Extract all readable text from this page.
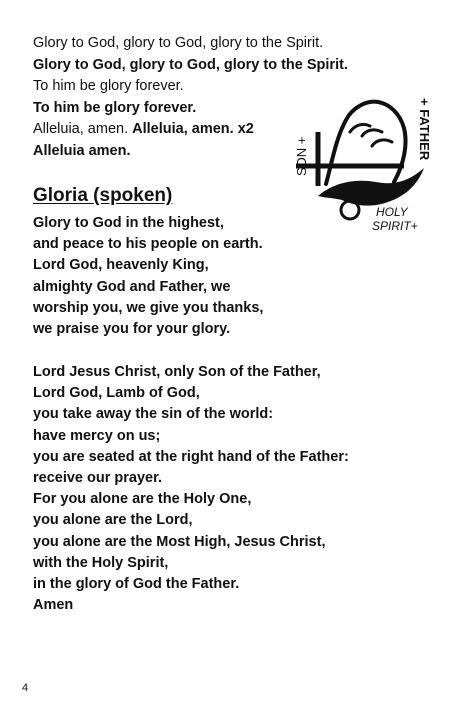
Glory to God, glory to God, glory to the Spirit.
Glory to God, glory to God, glory to the Spirit.
To him be glory forever.
To him be glory forever.
Alleluia, amen. Alleluia, amen. x2
Alleluia amen.	+ FATHER
SON +
HOLY
SPIRIT+
Gloria (spoken)
Glory to God in the highest,
and peace to his people on earth.
Lord God, heavenly King,
almighty God and Father, we
worship you, we give you thanks,
we praise you for your glory.
Lord Jesus Christ, only Son of the Father,
Lord God, Lamb of God,
you take away the sin of the world:
have mercy on us;
you are seated at the right hand of the Father:
receive our prayer.
For you alone are the Holy One,
you alone are the Lord,
you alone are the Most High, Jesus Christ,
with the Holy Spirit,
in the glory of God the Father.
Amen
4
